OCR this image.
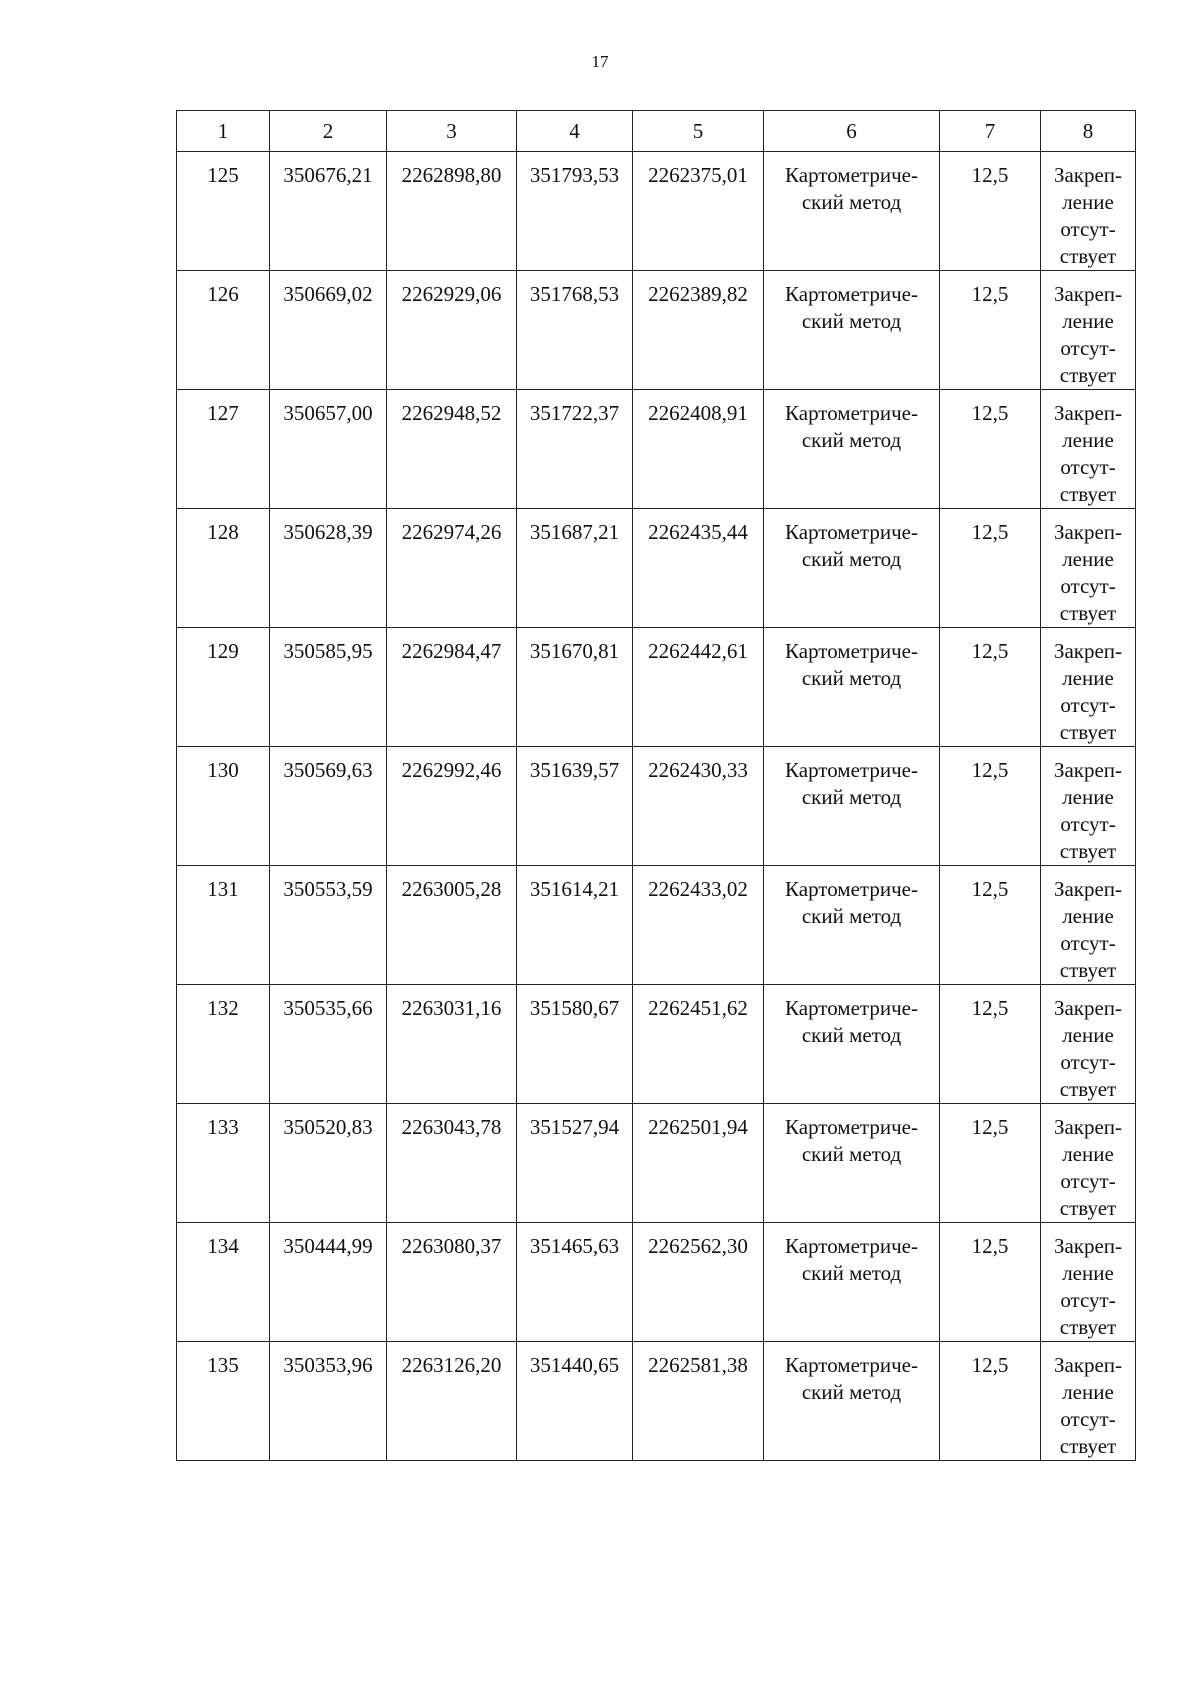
17
1	2	3	4	5	6	7	8
125	350676,21	2262898,80	351793,53	2262375,01	Картометриче-
ский метод	12,5	Закреп-
ление
отсут-
ствует

126	350669,02	2262929,06	351768,53	2262389,82	Картометриче-
ский метод	12,5	Закреп-
ление
отсут-
ствует

127	350657,00	2262948,52	351722,37	2262408,91	Картометриче-
ский метод	12,5	Закреп-
ление
отсут-
ствует

128	350628,39	2262974,26	351687,21	2262435,44	Картометриче-
ский метод	12,5	Закреп-
ление
отсут-
ствует

129	350585,95	2262984,47	351670,81	2262442,61	Картометриче-
ский метод	12,5	Закреп-
ление
отсут-
ствует

130	350569,63	2262992,46	351639,57	2262430,33	Картометриче-
ский метод	12,5	Закреп-
ление
отсут-
ствует

131	350553,59	2263005,28	351614,21	2262433,02	Картометриче-
ский метод	12,5	Закреп-
ление
отсут-
ствует

132	350535,66	2263031,16	351580,67	2262451,62	Картометриче-
ский метод	12,5	Закреп-
ление
отсут-
ствует

133	350520,83	2263043,78	351527,94	2262501,94	Картометриче-
ский метод	12,5	Закреп-
ление
отсут-
ствует

134	350444,99	2263080,37	351465,63	2262562,30	Картометриче-
ский метод	12,5	Закреп-
ление
отсут-
ствует

135	350353,96	2263126,20	351440,65	2262581,38	Картометриче-
ский метод	12,5	Закреп-
ление
отсут-
ствует
